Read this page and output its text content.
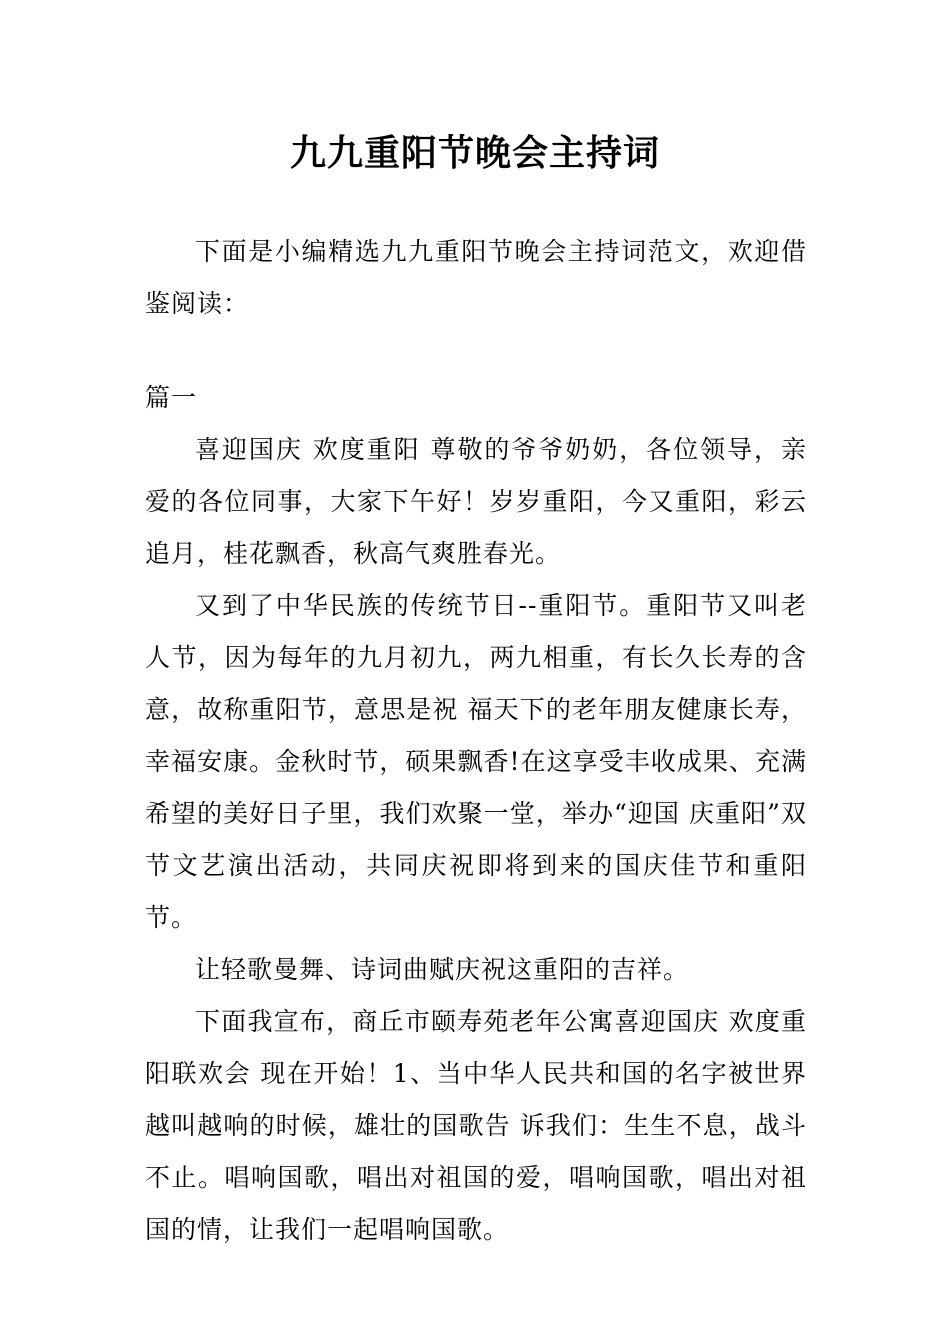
九九重阳节晚会主持词

下面是小编精选九九重阳节晚会主持词范文，欢迎借鉴阅读：

篇一

喜迎国庆 欢度重阳 尊敬的爷爷奶奶，各位领导，亲爱的各位同事，大家下午好！岁岁重阳，今又重阳，彩云追月，桂花飘香，秋高气爽胜春光。

又到了中华民族的传统节日--重阳节。重阳节又叫老人节，因为每年的九月初九，两九相重，有长久长寿的含意，故称重阳节，意思是祝 福天下的老年朋友健康长寿，幸福安康。金秋时节，硕果飘香!在这享受丰收成果、充满希望的美好日子里，我们欢聚一堂，举办“迎国 庆重阳”双节文艺演出活动，共同庆祝即将到来的国庆佳节和重阳节。

让轻歌曼舞、诗词曲赋庆祝这重阳的吉祥。

下面我宣布，商丘市颐寿苑老年公寓喜迎国庆 欢度重阳联欢会 现在开始！1、当中华人民共和国的名字被世界越叫越响的时候，雄壮的国歌告 诉我们：生生不息，战斗不止。唱响国歌，唱出对祖国的爱，唱响国歌，唱出对祖国的情，让我们一起唱响国歌。
